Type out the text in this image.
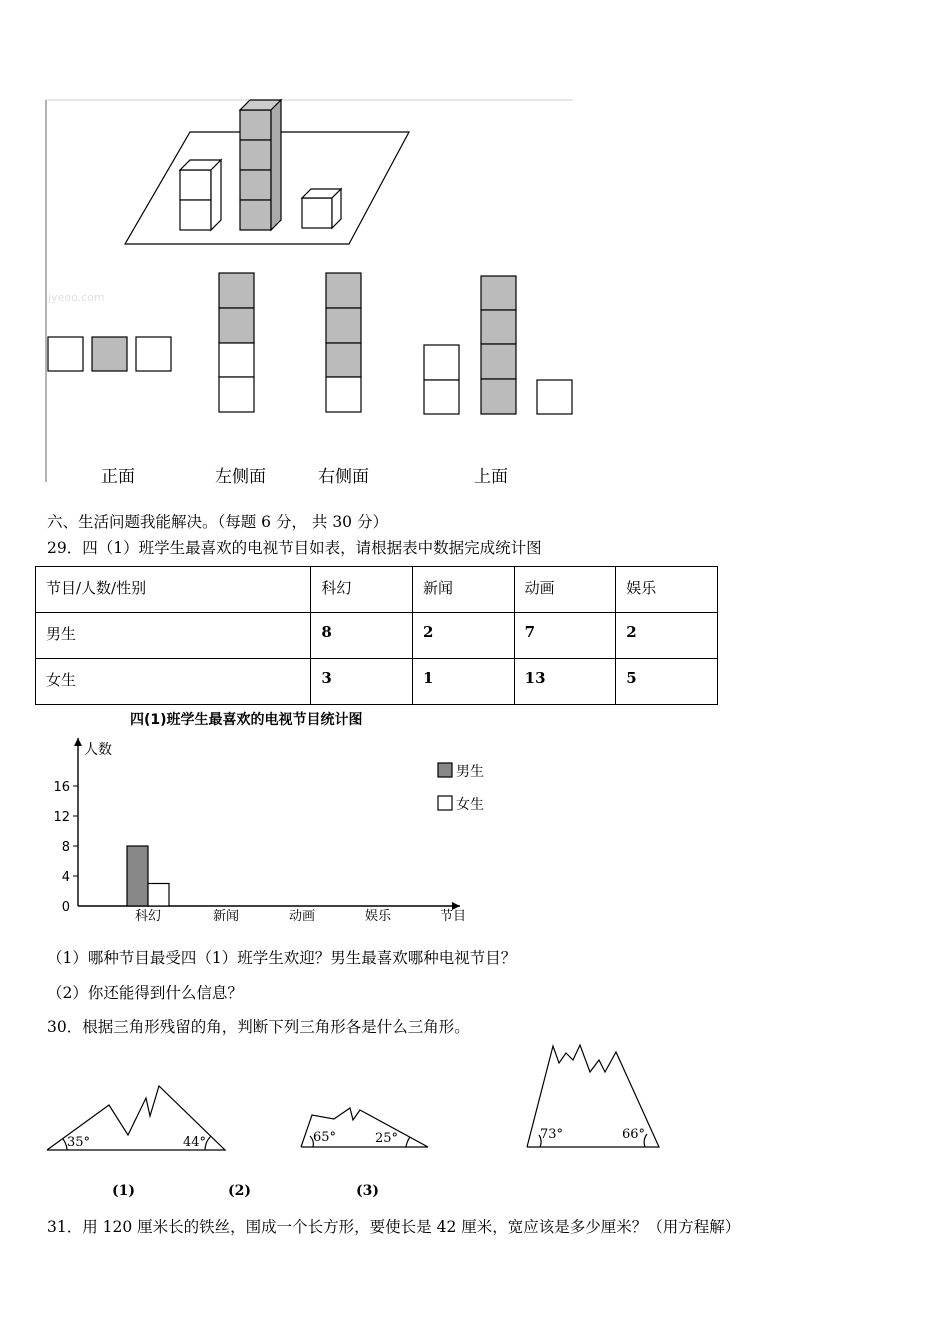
jyeoo.com
正面	左侧面	右侧面	上面
六、生活问题我能解决。（每题 6 分， 共 30 分）
29．四（1）班学生最喜欢的电视节目如表，请根据表中数据完成统计图
节目/人数/性别	科幻	新闻	动画	娱乐
男生	8	2	7	2
女生	3	1	13	5
四(1)班学生最喜欢的电视节目统计图
人数
节目
0
4
8
12
16
科幻	新闻	动画	娱乐
男生
女生
（1）哪种节目最受四（1）班学生欢迎？男生最喜欢哪种电视节目？
（2）你还能得到什么信息？
30．根据三角形残留的角，判断下列三角形各是什么三角形。
35°	44°	65°	25°	73°	66°
(1)	(2)	(3)
31．用 120 厘米长的铁丝，围成一个长方形，要使长是 42 厘米，宽应该是多少厘米？（用方程解）
